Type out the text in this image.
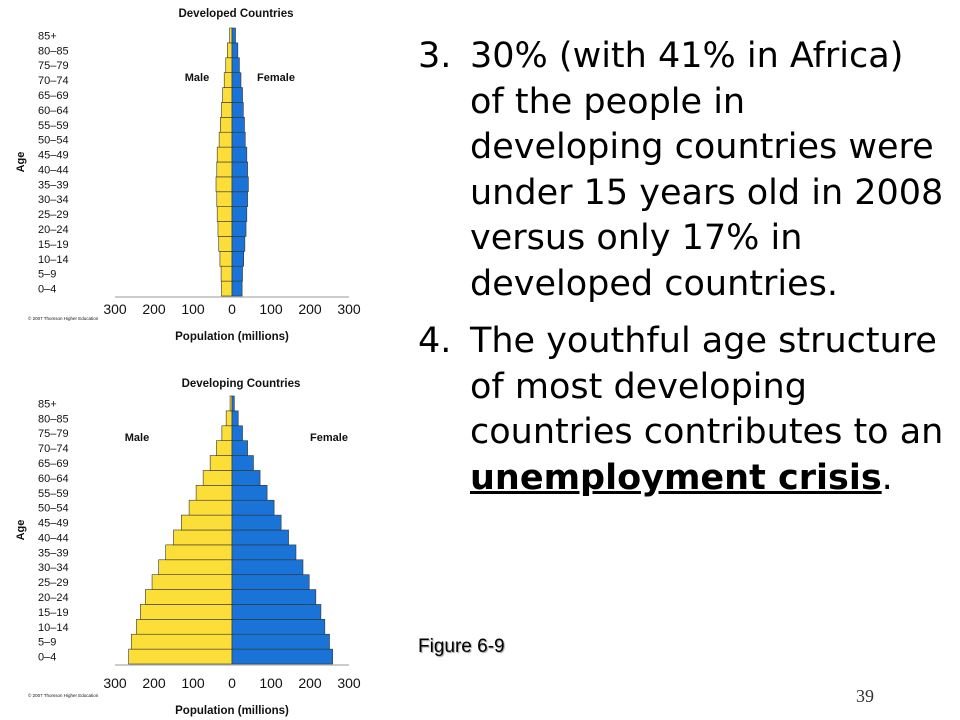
Developed Countries
Age
Male	Female
0–4
5–9
10–14
15–19
20–24
25–29
30–34
35–39
40–44
45–49
50–54
55–59
60–64
65–69
70–74
75–79
80–85
85+
300 200 100 0 100 200 300
Population (millions)
© 2007 Thomson Higher Education
Developing Countries
Age
Male	Female
0–4
5–9
10–14
15–19
20–24
25–29
30–34
35–39
40–44
45–49
50–54
55–59
60–64
65–69
70–74
75–79
80–85
85+
300 200 100 0 100 200 300
Population (millions)
© 2007 Thomson Higher Education
3. 30% (with 41% in Africa) of the people in developing countries were under 15 years old in 2008 versus only 17% in developed countries.
4. The youthful age structure of most developing countries contributes to an unemployment crisis.
Figure 6-9
39
